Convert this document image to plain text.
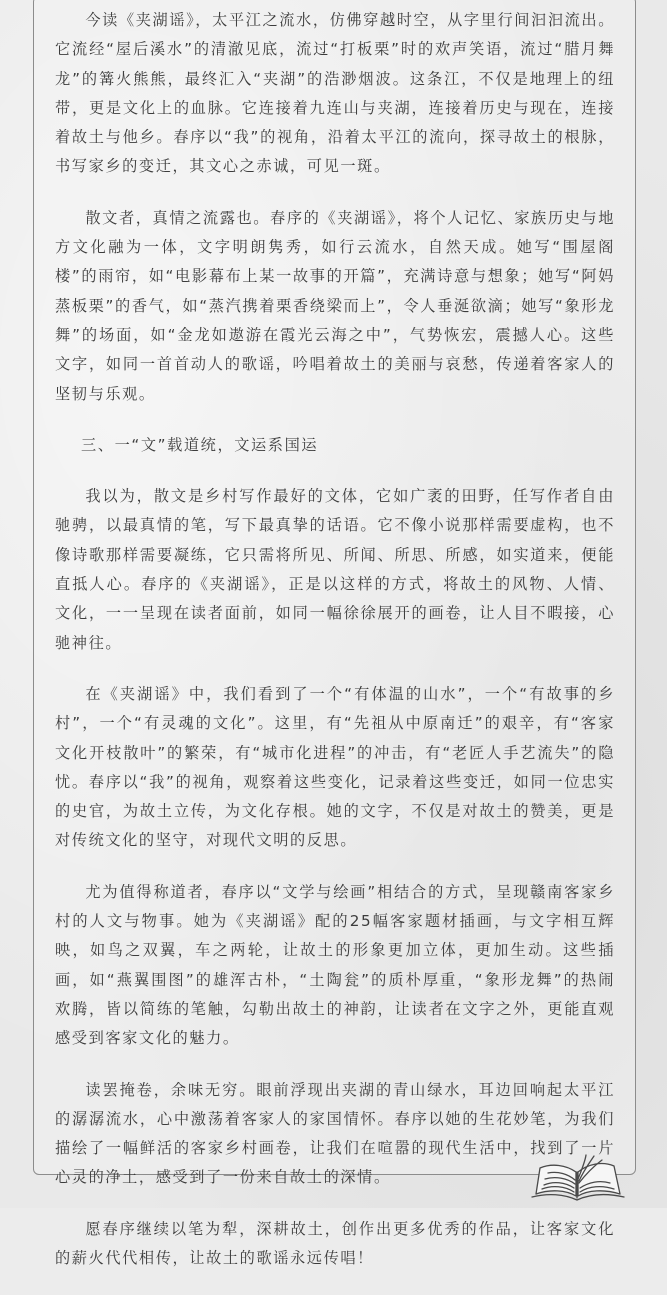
今读《夹湖谣》，太平江之流水，仿佛穿越时空，从字里行间汩汩流出。它流经“屋后溪水”的清澈见底，流过“打板栗”时的欢声笑语，流过“腊月舞龙”的篝火熊熊，最终汇入“夹湖”的浩渺烟波。这条江，不仅是地理上的纽带，更是文化上的血脉。它连接着九连山与夹湖，连接着历史与现在，连接着故土与他乡。春序以“我”的视角，沿着太平江的流向，探寻故土的根脉，书写家乡的变迁，其文心之赤诚，可见一斑。

散文者，真情之流露也。春序的《夹湖谣》，将个人记忆、家族历史与地方文化融为一体，文字明朗隽秀，如行云流水，自然天成。她写“围屋阁楼”的雨帘，如“电影幕布上某一故事的开篇”，充满诗意与想象；她写“阿妈蒸板栗”的香气，如“蒸汽携着栗香绕梁而上”，令人垂涎欲滴；她写“象形龙舞”的场面，如“金龙如遨游在霞光云海之中”，气势恢宏，震撼人心。这些文字，如同一首首动人的歌谣，吟唱着故土的美丽与哀愁，传递着客家人的坚韧与乐观。

三、一“文”载道统，文运系国运

我以为，散文是乡村写作最好的文体，它如广袤的田野，任写作者自由驰骋，以最真情的笔，写下最真挚的话语。它不像小说那样需要虚构，也不像诗歌那样需要凝练，它只需将所见、所闻、所思、所感，如实道来，便能直抵人心。春序的《夹湖谣》，正是以这样的方式，将故土的风物、人情、文化，一一呈现在读者面前，如同一幅徐徐展开的画卷，让人目不暇接，心驰神往。

在《夹湖谣》中，我们看到了一个“有体温的山水”，一个“有故事的乡村”，一个“有灵魂的文化”。这里，有“先祖从中原南迁”的艰辛，有“客家文化开枝散叶”的繁荣，有“城市化进程”的冲击，有“老匠人手艺流失”的隐忧。春序以“我”的视角，观察着这些变化，记录着这些变迁，如同一位忠实的史官，为故土立传，为文化存根。她的文字，不仅是对故土的赞美，更是对传统文化的坚守，对现代文明的反思。

尤为值得称道者，春序以“文学与绘画”相结合的方式，呈现赣南客家乡村的人文与物事。她为《夹湖谣》配的25幅客家题材插画，与文字相互辉映，如鸟之双翼，车之两轮，让故土的形象更加立体，更加生动。这些插画，如“燕翼围图”的雄浑古朴，“土陶瓮”的质朴厚重，“象形龙舞”的热闹欢腾，皆以简练的笔触，勾勒出故土的神韵，让读者在文字之外，更能直观感受到客家文化的魅力。

读罢掩卷，余味无穷。眼前浮现出夹湖的青山绿水，耳边回响起太平江的潺潺流水，心中激荡着客家人的家国情怀。春序以她的生花妙笔，为我们描绘了一幅鲜活的客家乡村画卷，让我们在喧嚣的现代生活中，找到了一片心灵的净土，感受到了一份来自故土的深情。

愿春序继续以笔为犁，深耕故土，创作出更多优秀的作品，让客家文化的薪火代代相传，让故土的歌谣永远传唱！
